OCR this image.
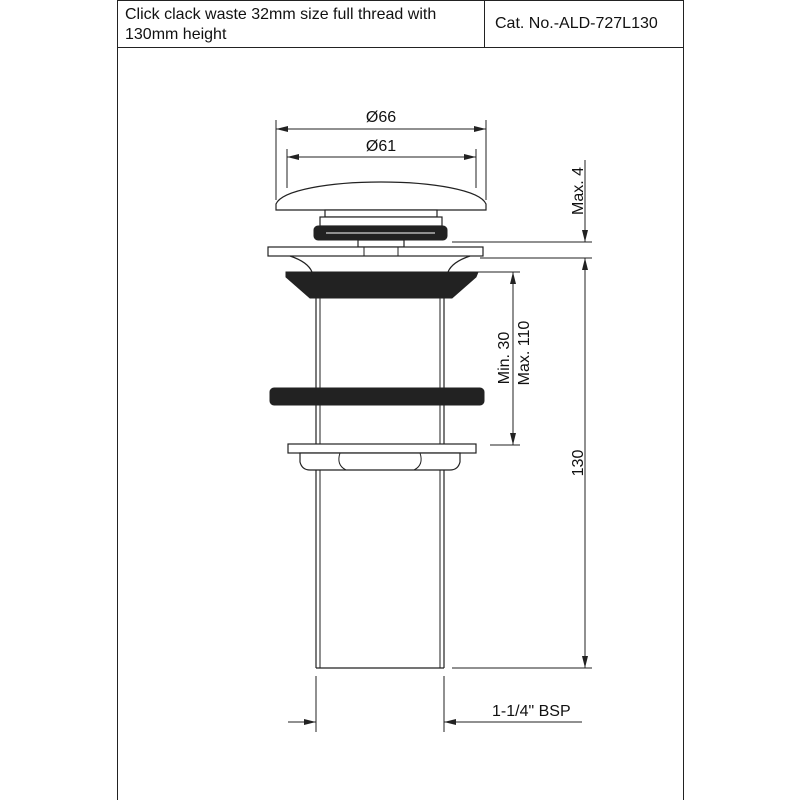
Click clack waste 32mm size full thread with
130mm height
Cat. No.-ALD-727L130
Ø66
Ø61
Max. 4
130
Min. 30 Max. 110
1-1/4" BSP
